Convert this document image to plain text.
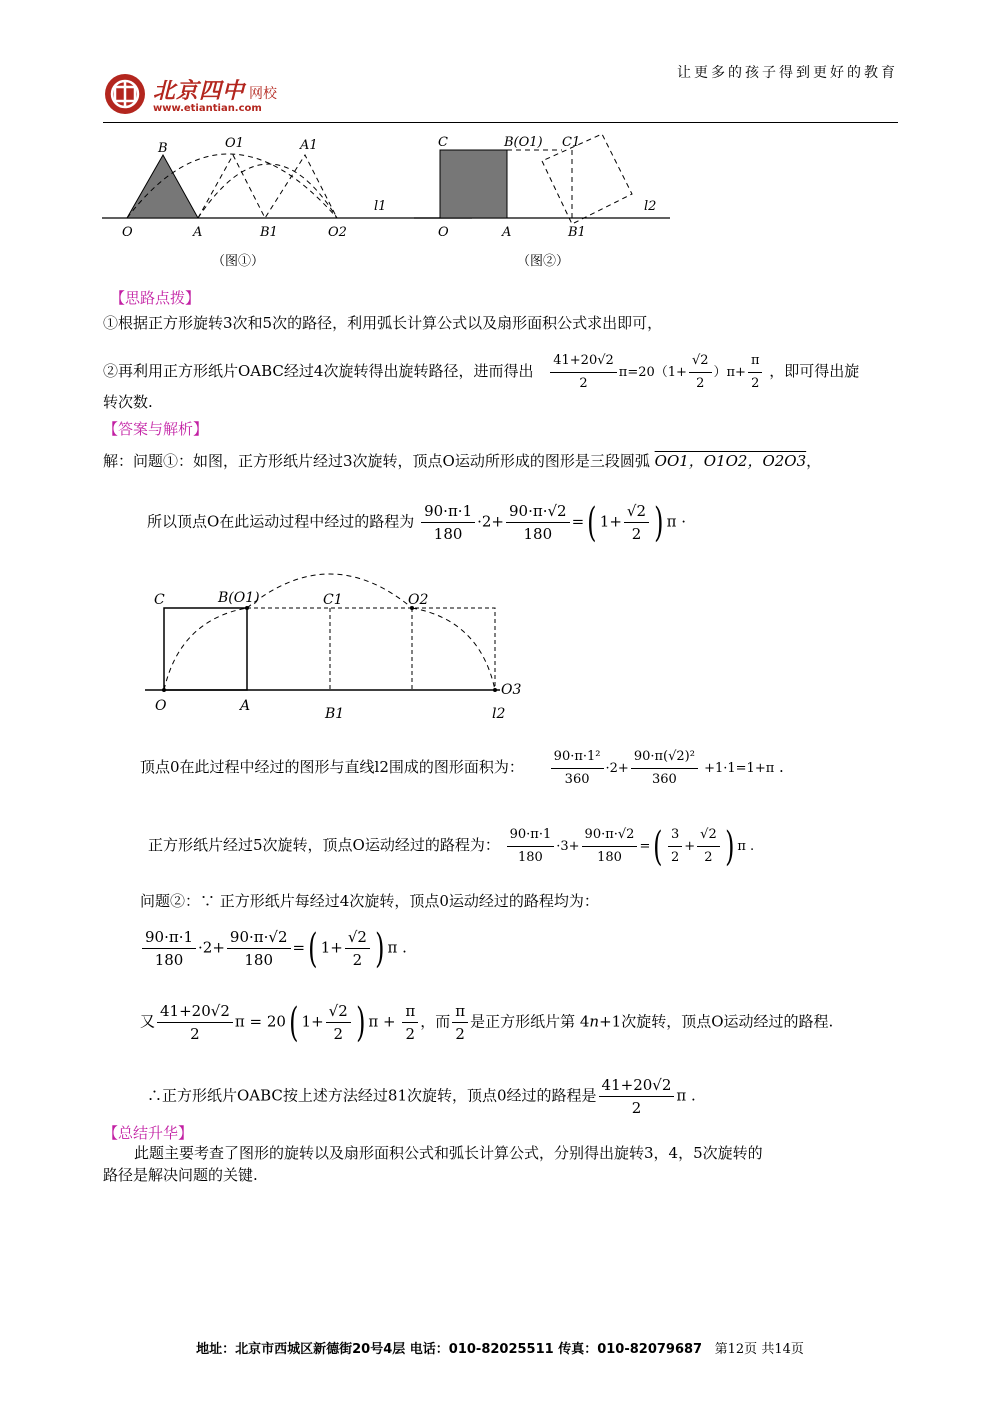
北京四中 网校
www.etiantian.com
让更多的孩子得到更好的教育
B	O1	A1
O	A	B1	O2
l1
（图①）
C	B(O1) C1
O	A	B1
l2
（图②）
【思路点拨】
①根据正方形旋转3次和5次的路径，利用弧长计算公式以及扇形面积公式求出即可，
②再利用正方形纸片OABC经过4次旋转得出旋转路径，进而得出 $\frac{41+20√2}{2} \pi=20(1+ \frac{√2}{2} )\pi+ \frac{\pi}{2}$ ，即可得出旋
转次数.
【答案与解析】
解：问题①：如图，正方形纸片经过3次旋转，顶点O运动所形成的图形是三段圆弧 OO1，O1O2，O2O3，
所以顶点O在此运动过程中经过的路程为 $\frac{90\cdot\pi\cdot 1}{180} \cdot 2+ \frac{90\cdot\pi\cdot√2}{180}$ =( $1+ \frac{√2}{2}$ ) π ·
C	B(O1)	C1	O2
O	A	B1	l2
O3
顶点0在此过程中经过的图形与直线l2围成的图形面积为： $\frac{\text{90·π·1²}}{360} \cdot 2+ \frac{\text{90·π(√2)²}}{360} +1\cdot 1=1+\pi$ .
正方形纸片经过5次旋转，顶点O运动经过的路程为： $\frac{90\cdot\pi\cdot 1}{180} \cdot 3+ \frac{90\cdot\pi\cdot√2}{180}$ =( $\frac{3}{2} + \frac{√2}{2}$ ) π .
问题②：∵ 正方形纸片每经过4次旋转，顶点0运动经过的路程均为：
$\frac{90\cdot\pi\cdot 1}{180} \cdot 2+ \frac{90\cdot\pi\cdot√2}{180}$ =( $1+ \frac{√2}{2}$ ) π .
又 $\frac{41+20√2}{2}$ π = 20( $1+ \frac{√2}{2}$ ) $\pi + \frac{\pi}{2}$ ，而 $\frac{\pi}{2}$ 是正方形纸片第 4n+1次旋转，顶点O运动经过的路程.
∴正方形纸片OABC按上述方法经过81次旋转，顶点0经过的路程是 $\frac{41+20√2}{2}$ π .
【总结升华】
此题主要考查了图形的旋转以及扇形面积公式和弧长计算公式，分别得出旋转3，4，5次旋转的
路径是解决问题的关键.
地址：北京市西城区新德街20号4层 电话：010-82025511 传真：010-82079687 第12页 共14页
